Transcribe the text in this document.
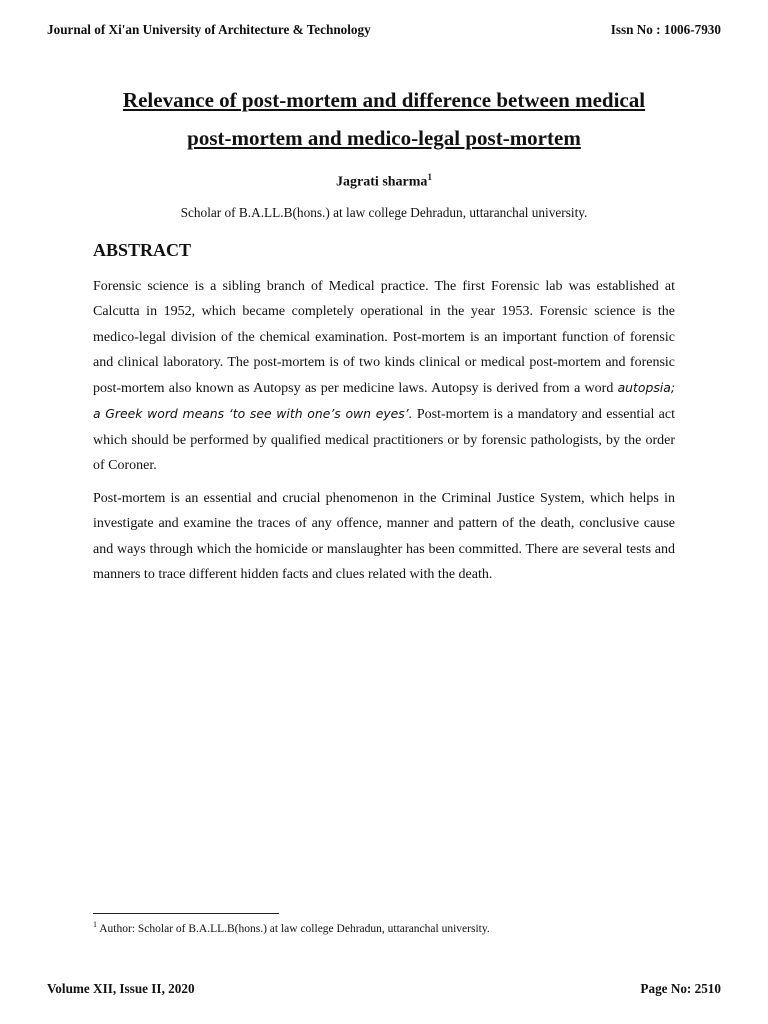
Journal of Xi'an University of Architecture & Technology	Issn No : 1006-7930
Relevance of post-mortem and difference between medical
post-mortem and medico-legal post-mortem
Jagrati sharma$^1$
Scholar of B.A.LL.B(hons.) at law college Dehradun, uttaranchal university.
ABSTRACT

Forensic science is a sibling branch of Medical practice. The first Forensic lab was established at Calcutta in 1952, which became completely operational in the year 1953. Forensic science is the medico-legal division of the chemical examination. Post-mortem is an important function of forensic and clinical laboratory. The post-mortem is of two kinds clinical or medical post-mortem and forensic post-mortem also known as Autopsy as per medicine laws. Autopsy is derived from a word autopsia; a Greek word means ‘to see with one’s own eyes’. Post-mortem is a mandatory and essential act which should be performed by qualified medical practitioners or by forensic pathologists, by the order of Coroner.

Post-mortem is an essential and crucial phenomenon in the Criminal Justice System, which helps in investigate and examine the traces of any offence, manner and pattern of the death, conclusive cause and ways through which the homicide or manslaughter has been committed. There are several tests and manners to trace different hidden facts and clues related with the death.

$^1$ Author: Scholar of B.A.LL.B(hons.) at law college Dehradun, uttaranchal university.
Volume XII, Issue II, 2020	Page No: 2510
